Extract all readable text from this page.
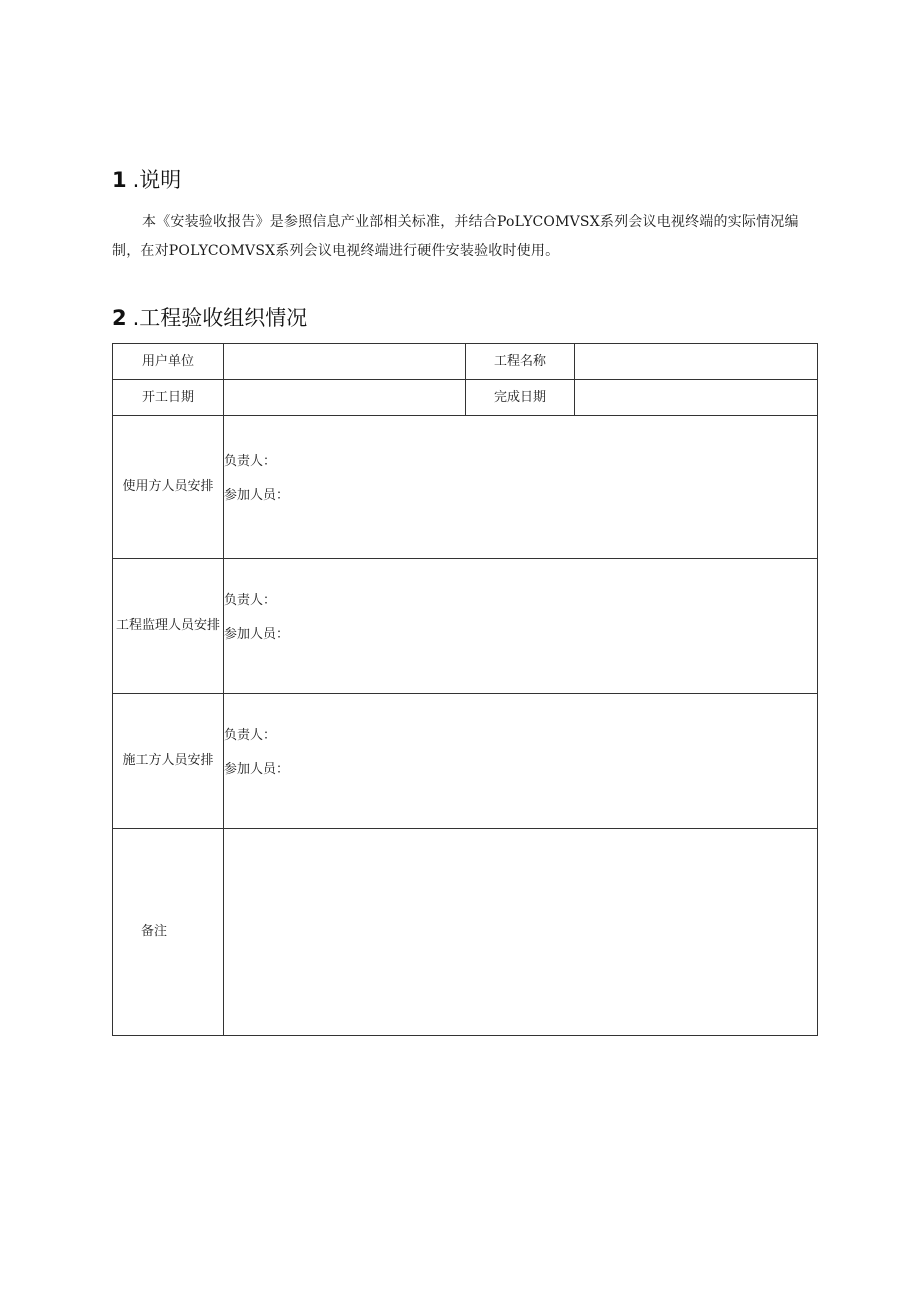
1 .说明

本《安装验收报告》是参照信息产业部相关标准，并结合PoLYCOMVSX系列会议电视终端的实际情况编制，在对POLYCOMVSX系列会议电视终端进行硬件安装验收时使用。

2 .工程验收组织情况
用户单位		工程名称	
开工日期		完成日期	
使用方人员安排	负责人：
参加人员：		

工程监理人员安排	负责人：
参加人员：		

施工方人员安排	负责人：
参加人员：		

备注			
